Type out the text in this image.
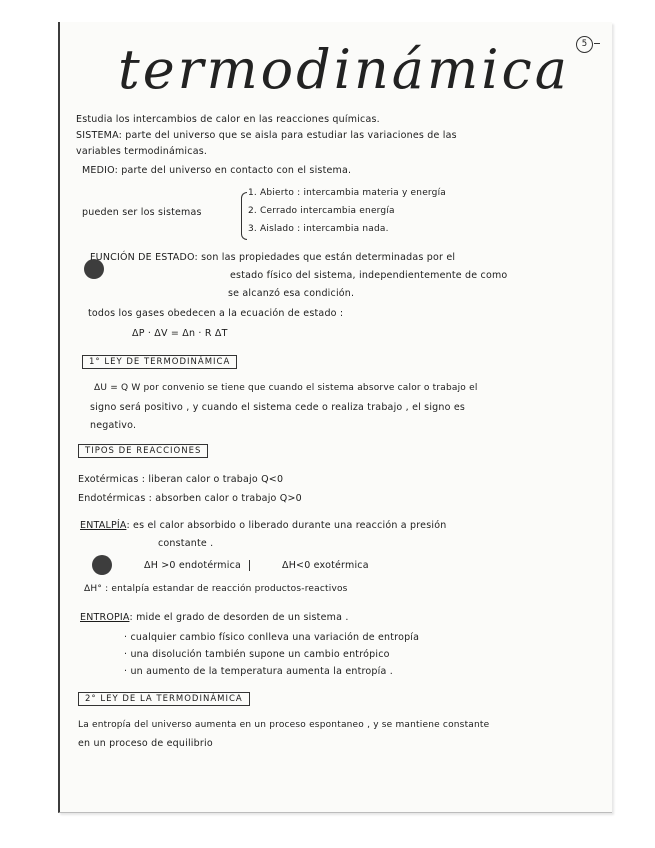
termodinámica	5
Estudia los intercambios de calor en las reacciones químicas.
SISTEMA: parte del universo que se aisla para estudiar las variaciones de las
variables termodinámicas.
MEDIO: parte del universo en contacto con el sistema.
pueden ser los sistemas
1. Abierto : intercambia materia y energía
2. Cerrado intercambia energía
3. Aislado : intercambia nada.
FUNCIÓN DE ESTADO: son las propiedades que están determinadas por el
estado físico del sistema, independientemente de como
se alcanzó esa condición.
todos los gases obedecen a la ecuación de estado :
ΔP · ΔV = Δn · R ΔT
1° LEY DE TERMODINÁMICA
ΔU = Q W por convenio se tiene que cuando el sistema absorve calor o trabajo el
signo será positivo , y cuando el sistema cede o realiza trabajo , el signo es
negativo.
TIPOS DE REACCIONES
Exotérmicas : liberan calor o trabajo Q<0
Endotérmicas : absorben calor o trabajo Q>0
ENTALPÍA: es el calor absorbido o liberado durante una reacción a presión
constante .
ΔH >0 endotérmica	ΔH<0 exotérmica
ΔH° : entalpía estandar de reacción productos-reactivos
ENTROPIA: mide el grado de desorden de un sistema .
· cualquier cambio físico conlleva una variación de entropía
· una disolución también supone un cambio entrópico
· un aumento de la temperatura aumenta la entropía .
2° LEY DE LA TERMODINÁMICA
La entropía del universo aumenta en un proceso espontaneo , y se mantiene constante
en un proceso de equilibrio
